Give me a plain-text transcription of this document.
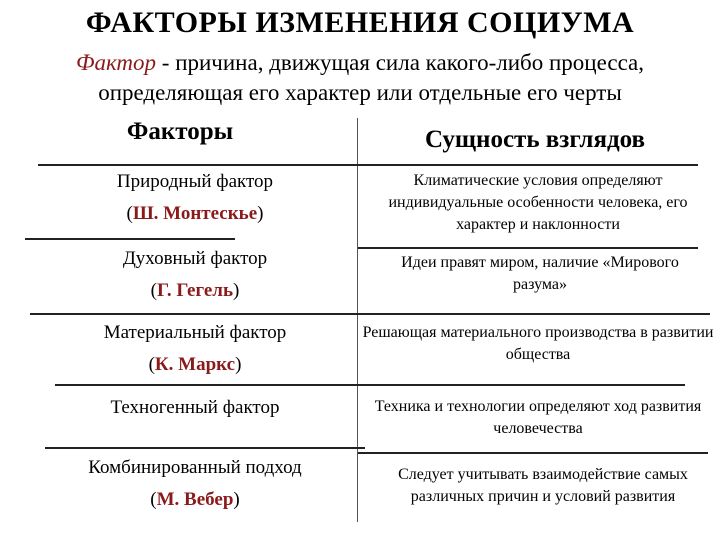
ФАКТОРЫ ИЗМЕНЕНИЯ СОЦИУМА
Фактор - причина, движущая сила какого-либо процесса, определяющая его характер или отдельные его черты
Факторы	Сущность взглядов
Природный фактор
(Ш. Монтескье)
Климатические условия определяют индивидуальные особенности человека, его характер и наклонности
Духовный фактор
(Г. Гегель)
Идеи правят миром, наличие «Мирового разума»
Материальный фактор
(К. Маркс)
Решающая материального производства в развитии общества
Техногенный фактор	Техника и технологии определяют ход развития человечества
Комбинированный подход
(М. Вебер)
Следует учитывать взаимодействие самых различных причин и условий развития
